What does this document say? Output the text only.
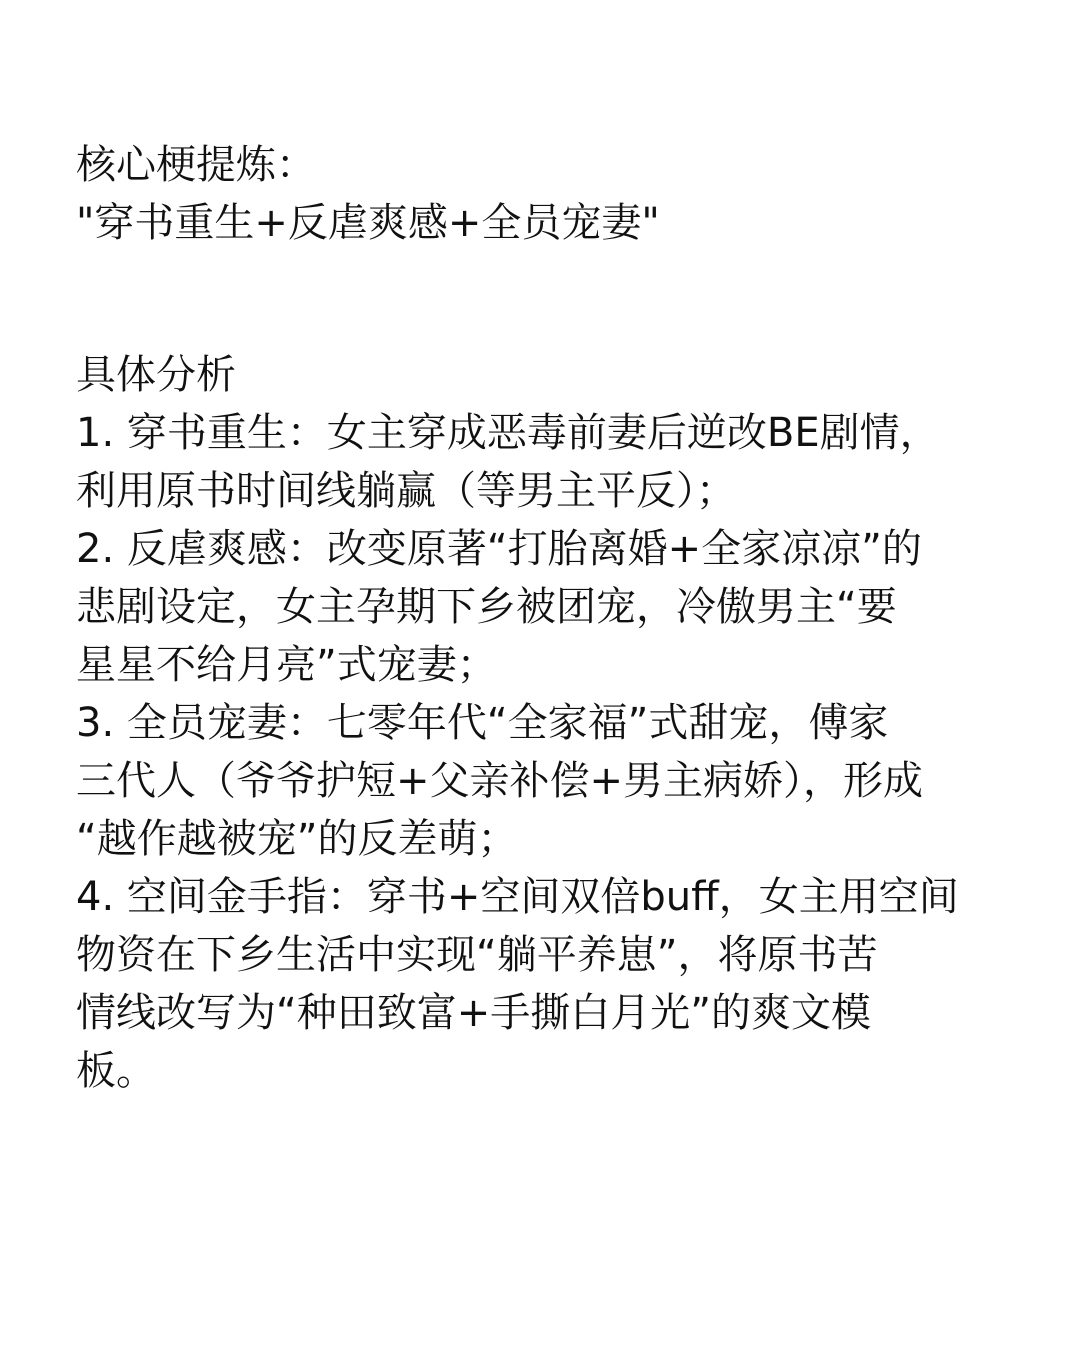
核心梗提炼：
"穿书重生+反虐爽感+全员宠妻"
具体分析
1. 穿书重生：女主穿成恶毒前妻后逆改BE剧情，
利用原书时间线躺赢（等男主平反）；
2. 反虐爽感：改变原著“打胎离婚+全家凉凉”的
悲剧设定，女主孕期下乡被团宠，冷傲男主“要
星星不给月亮”式宠妻；
3. 全员宠妻：七零年代“全家福”式甜宠，傅家
三代人（爷爷护短+父亲补偿+男主病娇），形成
“越作越被宠”的反差萌；
4. 空间金手指：穿书+空间双倍buff，女主用空间
物资在下乡生活中实现“躺平养崽”，将原书苦
情线改写为“种田致富+手撕白月光”的爽文模
板。
